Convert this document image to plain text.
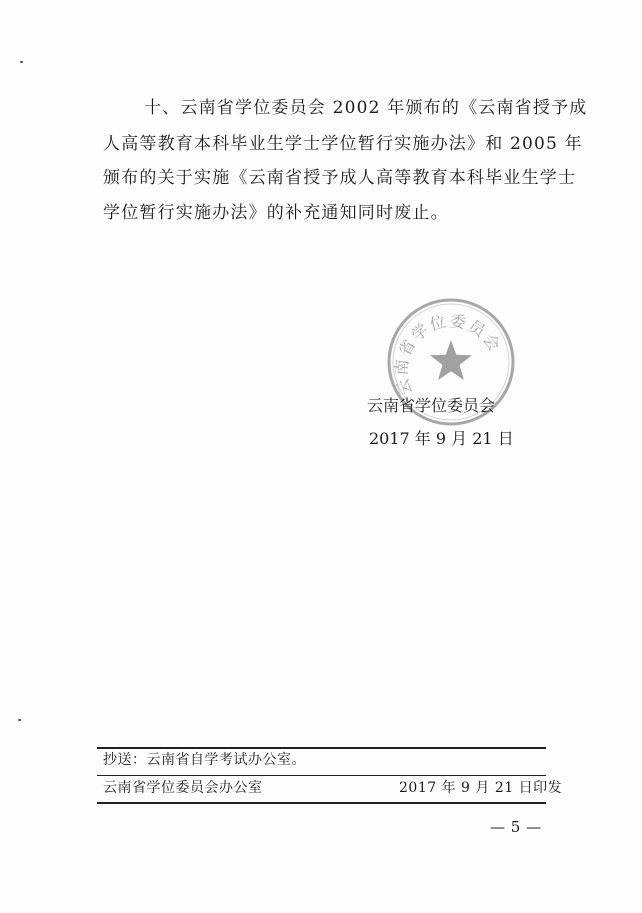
十、云南省学位委员会 2002 年颁布的《云南省授予成
人高等教育本科毕业生学士学位暂行实施办法》和 2005 年
颁布的关于实施《云南省授予成人高等教育本科毕业生学士
学位暂行实施办法》的补充通知同时废止。
云南省学位委员会
云南省学位委员会
2017 年 9 月 21 日
抄送：云南省自学考试办公室。
云南省学位委员会办公室	2017 年 9 月 21 日印发
— 5 —
